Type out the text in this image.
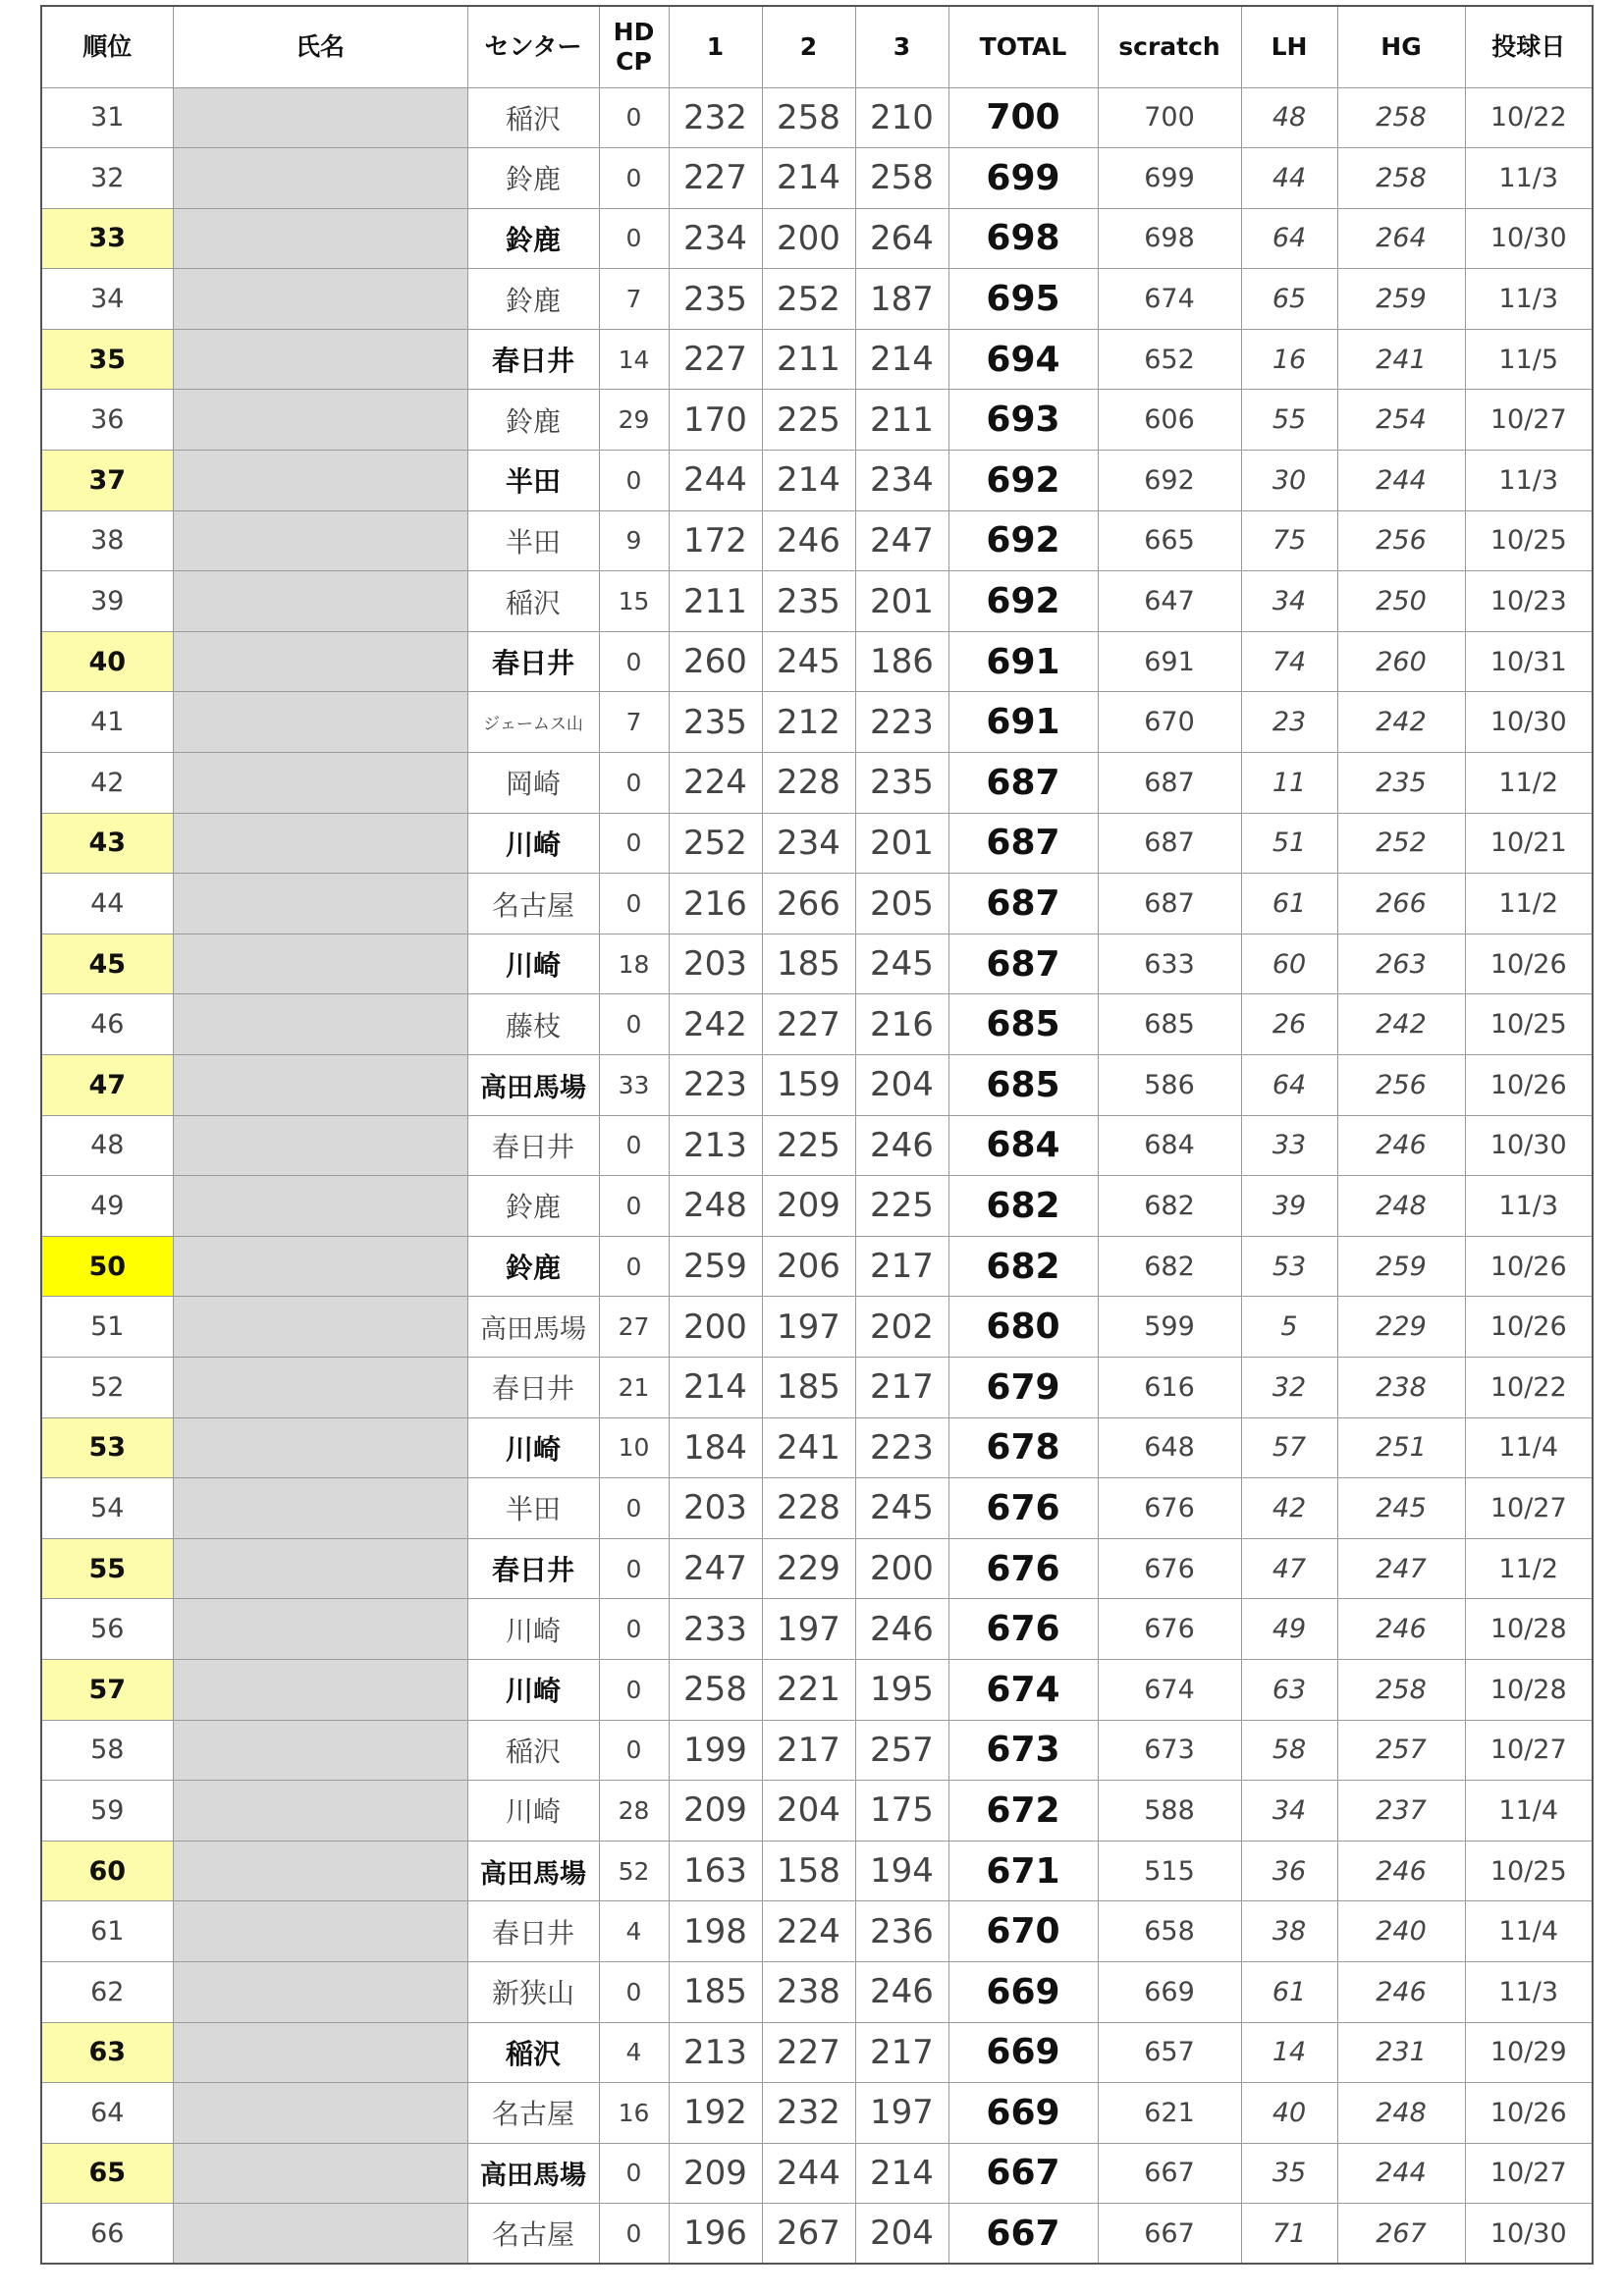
順位	氏名	センター	HD
CP	1	2	3	TOTAL	scratch	LH	HG	投球日
31		稲沢	0	232	258	210	700	700	48	258	10/22
32		鈴鹿	0	227	214	258	699	699	44	258	11/3
33		鈴鹿	0	234	200	264	698	698	64	264	10/30
34		鈴鹿	7	235	252	187	695	674	65	259	11/3
35		春日井	14	227	211	214	694	652	16	241	11/5
36		鈴鹿	29	170	225	211	693	606	55	254	10/27
37		半田	0	244	214	234	692	692	30	244	11/3
38		半田	9	172	246	247	692	665	75	256	10/25
39		稲沢	15	211	235	201	692	647	34	250	10/23
40		春日井	0	260	245	186	691	691	74	260	10/31
41		ジェームス山	7	235	212	223	691	670	23	242	10/30
42		岡崎	0	224	228	235	687	687	11	235	11/2
43		川崎	0	252	234	201	687	687	51	252	10/21
44		名古屋	0	216	266	205	687	687	61	266	11/2
45		川崎	18	203	185	245	687	633	60	263	10/26
46		藤枝	0	242	227	216	685	685	26	242	10/25
47		高田馬場	33	223	159	204	685	586	64	256	10/26
48		春日井	0	213	225	246	684	684	33	246	10/30
49		鈴鹿	0	248	209	225	682	682	39	248	11/3
50		鈴鹿	0	259	206	217	682	682	53	259	10/26
51		高田馬場	27	200	197	202	680	599	5	229	10/26
52		春日井	21	214	185	217	679	616	32	238	10/22
53		川崎	10	184	241	223	678	648	57	251	11/4
54		半田	0	203	228	245	676	676	42	245	10/27
55		春日井	0	247	229	200	676	676	47	247	11/2
56		川崎	0	233	197	246	676	676	49	246	10/28
57		川崎	0	258	221	195	674	674	63	258	10/28
58		稲沢	0	199	217	257	673	673	58	257	10/27
59		川崎	28	209	204	175	672	588	34	237	11/4
60		高田馬場	52	163	158	194	671	515	36	246	10/25
61		春日井	4	198	224	236	670	658	38	240	11/4
62		新狭山	0	185	238	246	669	669	61	246	11/3
63		稲沢	4	213	227	217	669	657	14	231	10/29
64		名古屋	16	192	232	197	669	621	40	248	10/26
65		高田馬場	0	209	244	214	667	667	35	244	10/27
66		名古屋	0	196	267	204	667	667	71	267	10/30
